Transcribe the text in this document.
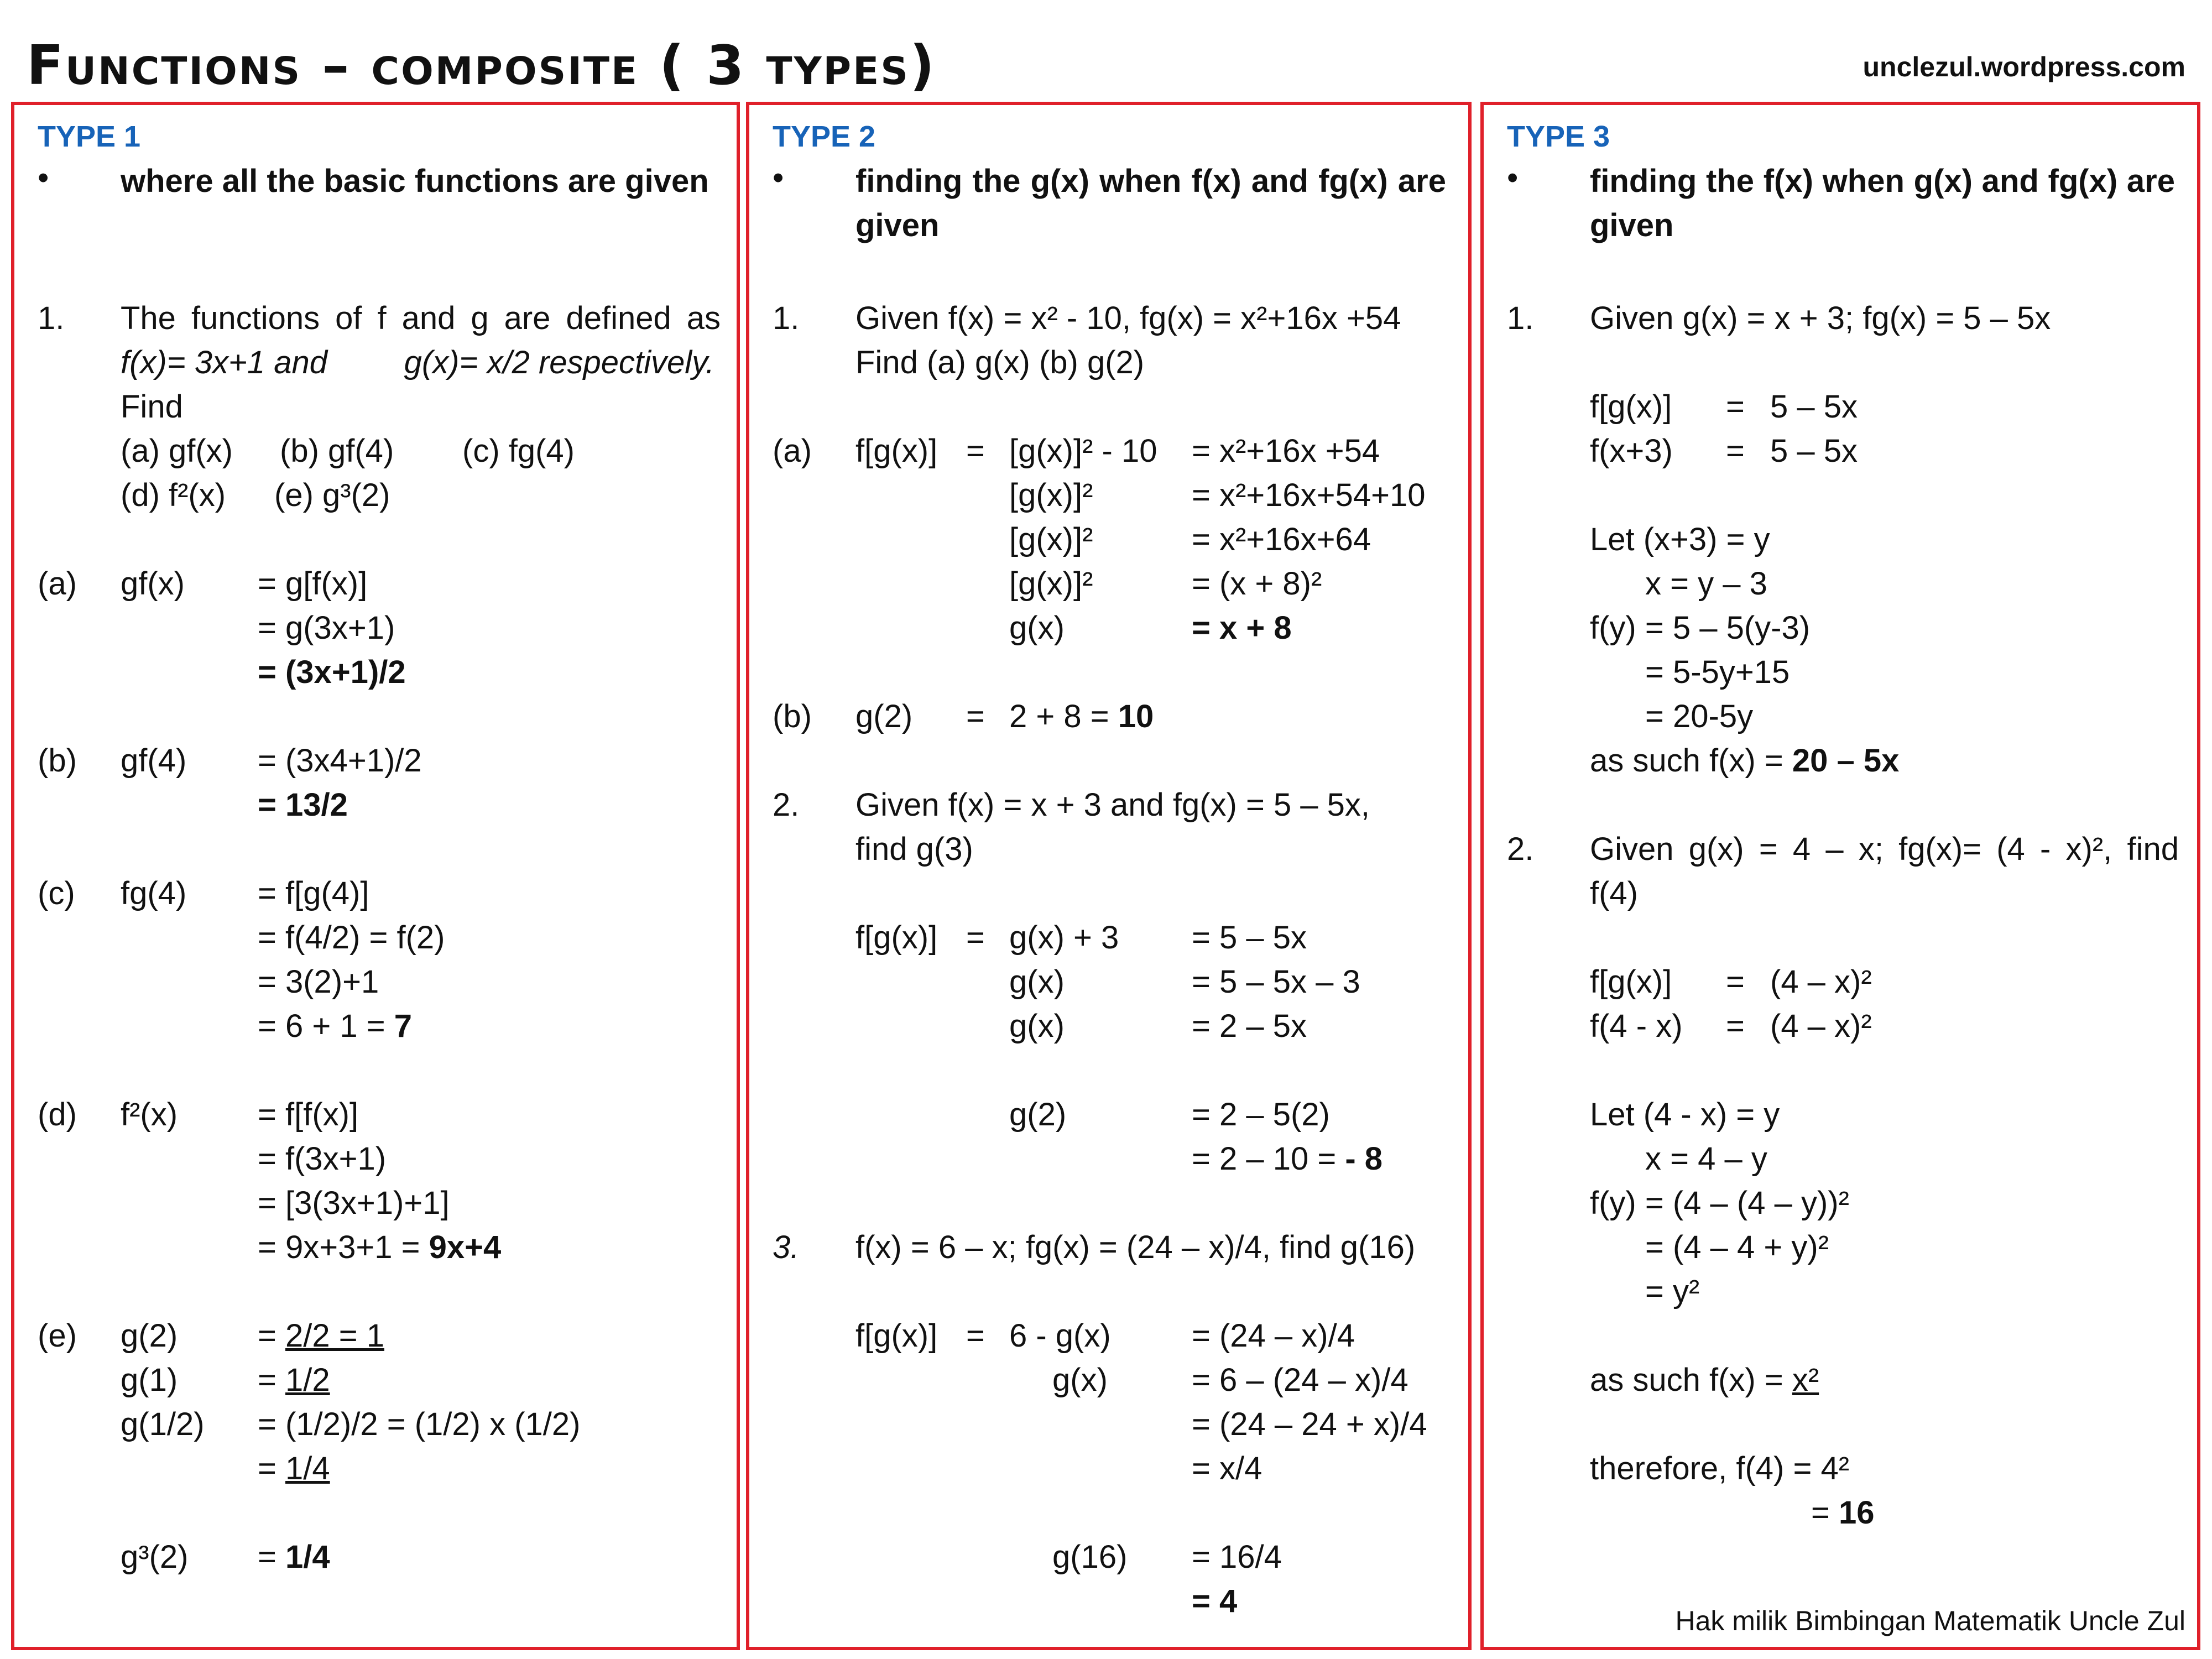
Functions – composite ( 3 types)	unclezul.wordpress.com
TYPE 1
• where all the basic functions are given
1. The functions of f and g are defined as
f(x)= 3x+1 and g(x)= x/2 respectively.
Find
(a) gf(x) (b) gf(4) (c) fg(4)
(d) f²(x) (e) g³(2)
(a) gf(x) = g[f(x)]
= g(3x+1)
= (3x+1)/2
(b) gf(4) = (3x4+1)/2
= 13/2
(c) fg(4) = f[g(4)]
= f(4/2) = f(2)
= 3(2)+1
= 6 + 1 = 7
(d) f²(x) = f[f(x)]
= f(3x+1)
= [3(3x+1)+1]
= 9x+3+1 = 9x+4
(e) g(2) = 2/2 = 1
g(1) = 1/2
g(1/2) = (1/2)/2 = (1/2) x (1/2)
= 1/4
g³(2) = 1/4
TYPE 2
• finding the g(x) when f(x) and fg(x) are given
1. Given f(x) = x² - 10, fg(x) = x²+16x +54
Find (a) g(x) (b) g(2)
(a) f[g(x)] = [g(x)]² - 10 = x²+16x +54
[g(x)]²	= x²+16x+54+10
[g(x)]²	= x²+16x+64
[g(x)]²	= (x + 8)²
g(x)	= x + 8
(b) g(2) = 2 + 8 = 10
2. Given f(x) = x + 3 and fg(x) = 5 – 5x,
find g(3)
f[g(x)] = g(x) + 3 = 5 – 5x
g(x)	= 5 – 5x – 3
g(x)	= 2 – 5x
g(2)	= 2 – 5(2)
= 2 – 10 = - 8
3. f(x) = 6 – x; fg(x) = (24 – x)/4, find g(16)
f[g(x)] = 6 - g(x)	= (24 – x)/4
g(x)	= 6 – (24 – x)/4
= (24 – 24 + x)/4
= x/4
g(16) = 16/4
= 4
TYPE 3
• finding the f(x) when g(x) and fg(x) are given
1. Given g(x) = x + 3; fg(x) = 5 – 5x
f[g(x)] = 5 – 5x
f(x+3) = 5 – 5x
Let (x+3) = y
x = y – 3
f(y) = 5 – 5(y-3)
= 5-5y+15
= 20-5y
as such f(x) = 20 – 5x
2. Given g(x) = 4 – x; fg(x)= (4 - x)², find
f(4)
f[g(x)] = (4 – x)²
f(4 - x) = (4 – x)²
Let (4 - x) = y
x = 4 – y
f(y) = (4 – (4 – y))²
= (4 – 4 + y)²
= y²
as such f(x) = x²
therefore, f(4) = 4²
= 16
Hak milik Bimbingan Matematik Uncle Zul
